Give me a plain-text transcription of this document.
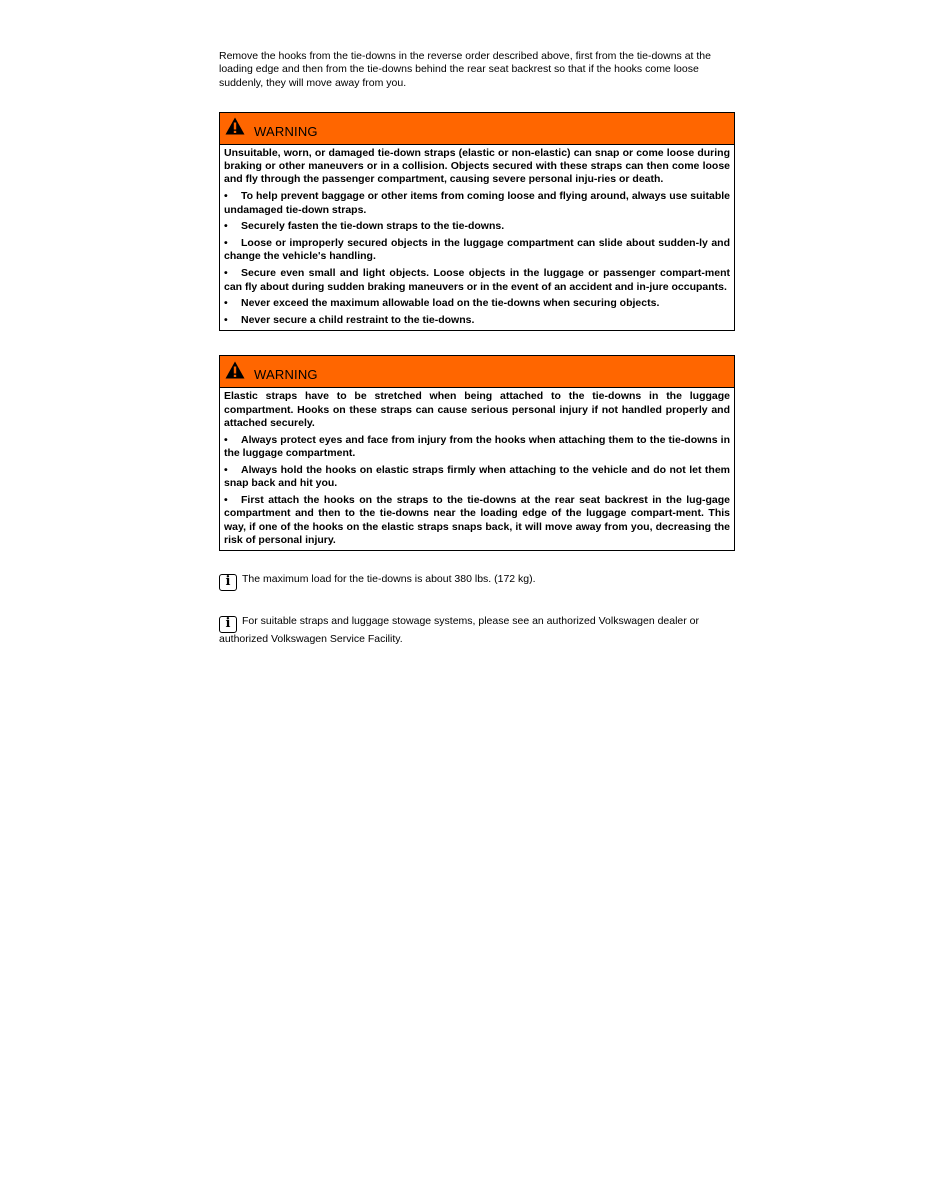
Remove the hooks from the tie-downs in the reverse order described above, first from the tie-downs at the loading edge and then from the tie-downs behind the rear seat backrest so that if the hooks come loose suddenly, they will move away from you.

WARNING

Unsuitable, worn, or damaged tie-down straps (elastic or non-elastic) can snap or come loose during braking or other maneuvers or in a collision. Objects secured with these straps can then come loose and fly through the passenger compartment, causing severe personal inju-ries or death.

• To help prevent baggage or other items from coming loose and flying around, always use suitable undamaged tie-down straps.
• Securely fasten the tie-down straps to the tie-downs.
• Loose or improperly secured objects in the luggage compartment can slide about sudden-ly and change the vehicle's handling.
• Secure even small and light objects. Loose objects in the luggage or passenger compart-ment can fly about during sudden braking maneuvers or in the event of an accident and in-jure occupants.
• Never exceed the maximum allowable load on the tie-downs when securing objects.
• Never secure a child restraint to the tie-downs.
WARNING

Elastic straps have to be stretched when being attached to the tie-downs in the luggage compartment. Hooks on these straps can cause serious personal injury if not handled properly and attached securely.

• Always protect eyes and face from injury from the hooks when attaching them to the tie-downs in the luggage compartment.
• Always hold the hooks on elastic straps firmly when attaching to the vehicle and do not let them snap back and hit you.
• First attach the hooks on the straps to the tie-downs at the rear seat backrest in the lug-gage compartment and then to the tie-downs near the loading edge of the luggage compart-ment. This way, if one of the hooks on the elastic straps snaps back, it will move away from you, decreasing the risk of personal injury.
i The maximum load for the tie-downs is about 380 lbs. (172 kg).
i For suitable straps and luggage stowage systems, please see an authorized Volkswagen dealer or authorized Volkswagen Service Facility.
